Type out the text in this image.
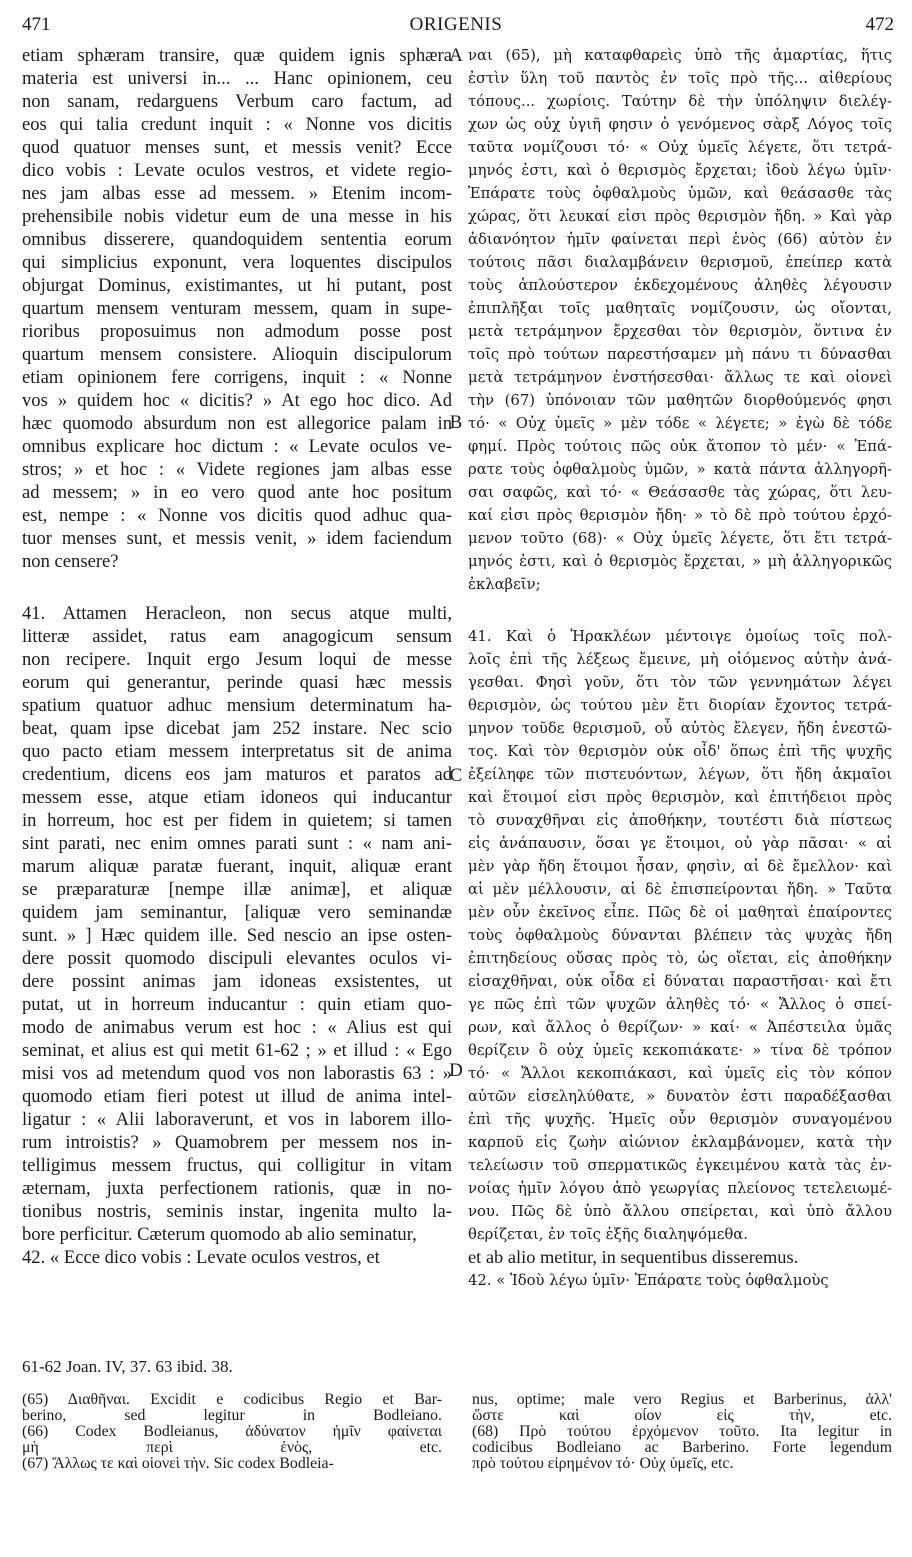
471	ORIGENIS	472
A
B
C
D
etiam sphæram transire, quæ quidem ignis sphæra
materia est universi in... ... Hanc opinionem, ceu
non sanam, redarguens Verbum caro factum, ad
eos qui talia credunt inquit : « Nonne vos dicitis
quod quatuor menses sunt, et messis venit? Ecce
dico vobis : Levate oculos vestros, et videte regio-
nes jam albas esse ad messem. » Etenim incom-
prehensibile nobis videtur eum de una messe in his
omnibus disserere, quandoquidem sententia eorum
qui simplicius exponunt, vera loquentes discipulos
objurgat Dominus, existimantes, ut hi putant, post
quartum mensem venturam messem, quam in supe-
rioribus proposuimus non admodum posse post
quartum mensem consistere. Alioquin discipulorum
etiam opinionem fere corrigens, inquit : « Nonne
vos » quidem hoc « dicitis? » At ego hoc dico. Ad
hæc quomodo absurdum non est allegorice palam in
omnibus explicare hoc dictum : « Levate oculos ve-
stros; » et hoc : « Videte regiones jam albas esse
ad messem; » in eo vero quod ante hoc positum
est, nempe : « Nonne vos dicitis quod adhuc qua-
tuor menses sunt, et messis venit, » idem faciendum
non censere?
41. Attamen Heracleon, non secus atque multi,
litteræ assidet, ratus eam anagogicum sensum
non recipere. Inquit ergo Jesum loqui de messe
eorum qui generantur, perinde quasi hæc messis
spatium quatuor adhuc mensium determinatum ha-
beat, quam ipse dicebat jam 252 instare. Nec scio
quo pacto etiam messem interpretatus sit de anima
credentium, dicens eos jam maturos et paratos ad
messem esse, atque etiam idoneos qui inducantur
in horreum, hoc est per fidem in quietem; si tamen
sint parati, nec enim omnes parati sunt : « nam ani-
marum aliquæ paratæ fuerant, inquit, aliquæ erant
se præparaturæ [nempe illæ animæ], et aliquæ
quidem jam seminantur, [aliquæ vero seminandæ
sunt. » ] Hæc quidem ille. Sed nescio an ipse osten-
dere possit quomodo discipuli elevantes oculos vi-
dere possint animas jam idoneas exsistentes, ut
putat, ut in horreum inducantur : quin etiam quo-
modo de animabus verum est hoc : « Alius est qui
seminat, et alius est qui metit 61-62 ; » et illud : « Ego
misi vos ad metendum quod vos non laborastis 63 : »
quomodo etiam fieri potest ut illud de anima intel-
ligatur : « Alii laboraverunt, et vos in laborem illo-
rum introistis? » Quamobrem per messem nos in-
telligimus messem fructus, qui colligitur in vitam
æternam, juxta perfectionem rationis, quæ in no-
tionibus nostris, seminis instar, ingenita multo la-
bore perficitur. Cæterum quomodo ab alio seminatur,
42. « Ecce dico vobis : Levate oculos vestros, et
ναι (65), μὴ καταφθαρεὶς ὑπὸ τῆς ἁμαρτίας, ἥτις
ἐστὶν ὕλη τοῦ παντὸς ἐν τοῖς πρὸ τῆς... αἰθερίους
τόπους... χωρίοις. Ταύτην δὲ τὴν ὑπόληψιν διελέγ-
χων ὡς οὐχ ὑγιῆ φησιν ὁ γενόμενος σὰρξ Λόγος τοῖς
ταῦτα νομίζουσι τό· « Οὐχ ὑμεῖς λέγετε, ὅτι τετρά-
μηνός ἐστι, καὶ ὁ θερισμὸς ἔρχεται; ἰδοὺ λέγω ὑμῖν·
Ἐπάρατε τοὺς ὀφθαλμοὺς ὑμῶν, καὶ θεάσασθε τὰς
χώρας, ὅτι λευκαί εἰσι πρὸς θερισμὸν ἤδη. » Καὶ γὰρ
ἀδιανόητον ἡμῖν φαίνεται περὶ ἑνὸς (66) αὐτὸν ἐν
τούτοις πᾶσι διαλαμβάνειν θερισμοῦ, ἐπείπερ κατὰ
τοὺς ἁπλούστερον ἐκδεχομένους ἀληθὲς λέγουσιν
ἐπιπλῆξαι τοῖς μαθηταῖς νομίζουσιν, ὡς οἴονται,
μετὰ τετράμηνον ἔρχεσθαι τὸν θερισμὸν, ὅντινα ἐν
τοῖς πρὸ τούτων παρεστήσαμεν μὴ πάνυ τι δύνασθαι
μετὰ τετράμηνον ἐνστήσεσθαι· ἄλλως τε καὶ οἱονεὶ
τὴν (67) ὑπόνοιαν τῶν μαθητῶν διορθούμενός φησι
τό· « Οὐχ ὑμεῖς » μὲν τόδε « λέγετε; » ἐγὼ δὲ τόδε
φημί. Πρὸς τούτοις πῶς οὐκ ἄτοπον τὸ μέν· « Ἐπά-
ρατε τοὺς ὀφθαλμοὺς ὑμῶν, » κατὰ πάντα ἀλληγορῆ-
σαι σαφῶς, καὶ τό· « Θεάσασθε τὰς χώρας, ὅτι λευ-
καί εἰσι πρὸς θερισμὸν ἤδη· » τὸ δὲ πρὸ τούτου ἐρχό-
μενον τοῦτο (68)· « Οὐχ ὑμεῖς λέγετε, ὅτι ἔτι τετρά-
μηνός ἐστι, καὶ ὁ θερισμὸς ἔρχεται, » μὴ ἀλληγορικῶς
ἐκλαβεῖν;
41. Καὶ ὁ Ἡρακλέων μέντοιγε ὁμοίως τοῖς πολ-
λοῖς ἐπὶ τῆς λέξεως ἔμεινε, μὴ οἰόμενος αὐτὴν ἀνά-
γεσθαι. Φησὶ γοῦν, ὅτι τὸν τῶν γεννημάτων λέγει
θερισμὸν, ὡς τούτου μὲν ἔτι διορίαν ἔχοντος τετρά-
μηνον τοῦδε θερισμοῦ, οὗ αὐτὸς ἔλεγεν, ἤδη ἐνεστῶ-
τος. Καὶ τὸν θερισμὸν οὐκ οἶδ' ὅπως ἐπὶ τῆς ψυχῆς
ἐξείληφε τῶν πιστευόντων, λέγων, ὅτι ἤδη ἀκμαῖοι
καὶ ἕτοιμοί εἰσι πρὸς θερισμὸν, καὶ ἐπιτήδειοι πρὸς
τὸ συναχθῆναι εἰς ἀποθήκην, τουτέστι διὰ πίστεως
εἰς ἀνάπαυσιν, ὅσαι γε ἕτοιμοι, οὐ γὰρ πᾶσαι· « αἱ
μὲν γὰρ ἤδη ἕτοιμοι ἦσαν, φησὶν, αἱ δὲ ἔμελλον· καὶ
αἱ μὲν μέλλουσιν, αἱ δὲ ἐπισπείρονται ἤδη. » Ταῦτα
μὲν οὖν ἐκεῖνος εἶπε. Πῶς δὲ οἱ μαθηταὶ ἐπαίροντες
τοὺς ὀφθαλμοὺς δύνανται βλέπειν τὰς ψυχὰς ἤδη
ἐπιτηδείους οὔσας πρὸς τὸ, ὡς οἴεται, εἰς ἀποθήκην
εἰσαχθῆναι, οὐκ οἶδα εἰ δύναται παραστῆσαι· καὶ ἔτι
γε πῶς ἐπὶ τῶν ψυχῶν ἀληθὲς τό· « Ἄλλος ὁ σπεί-
ρων, καὶ ἄλλος ὁ θερίζων· » καί· « Ἀπέστειλα ὑμᾶς
θερίζειν ὃ οὐχ ὑμεῖς κεκοπιάκατε· » τίνα δὲ τρόπον
τό· « Ἄλλοι κεκοπιάκασι, καὶ ὑμεῖς εἰς τὸν κόπον
αὐτῶν εἰσεληλύθατε, » δυνατὸν ἐστι παραδέξασθαι
ἐπὶ τῆς ψυχῆς. Ἡμεῖς οὖν θερισμὸν συναγομένου
καρποῦ εἰς ζωὴν αἰώνιον ἐκλαμβάνομεν, κατὰ τὴν
τελείωσιν τοῦ σπερματικῶς ἐγκειμένου κατὰ τὰς ἐν-
νοίας ἡμῖν λόγου ἀπὸ γεωργίας πλείονος τετελειωμέ-
νου. Πῶς δὲ ὑπὸ ἄλλου σπείρεται, καὶ ὑπὸ ἄλλου
θερίζεται, ἐν τοῖς ἑξῆς διαληψόμεθα.
et ab alio metitur, in sequentibus disseremus.
42. « Ἰδοὺ λέγω ὑμῖν· Ἐπάρατε τοὺς ὀφθαλμοὺς
61-62 Joan. IV, 37. 63 ibid. 38.
(65) Διαθῆναι. Excidit e codicibus Regio et Bar-
berino, sed legitur in Bodleiano.
(66) Codex Bodleianus, ἀδύνατον ἡμῖν φαίνεται
μὴ περὶ ἑνὸς, etc.
(67) Ἄλλως τε καὶ οἱονεὶ τὴν. Sic codex Bodleia-
nus, optime; male vero Regius et Barberinus, ἀλλ'
ὥστε καὶ οἷον εἰς τὴν, etc.
(68) Πρὸ τούτου ἐρχόμενον τοῦτο. Ita legitur in
codicibus Bodleiano ac Barberino. Forte legendum
πρὸ τούτου εἰρημένον τό· Οὐχ ὑμεῖς, etc.
